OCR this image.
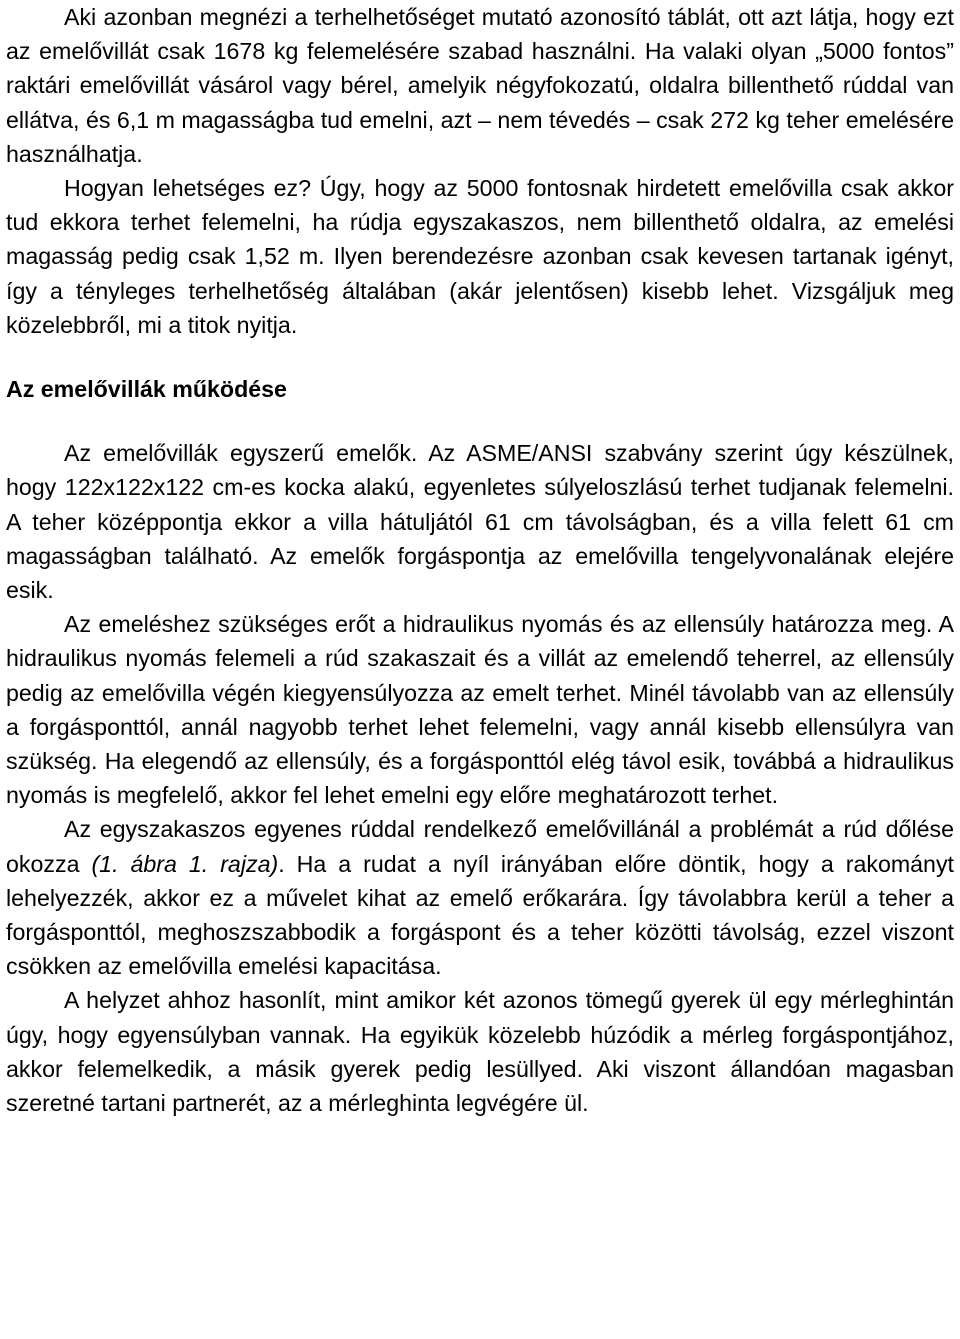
Aki azonban megnézi a terhelhetőséget mutató azonosító táblát, ott azt látja, hogy ezt az emelővillát csak 1678 kg felemelésére szabad használni. Ha valaki olyan „5000 fontos” raktári emelővillát vásárol vagy bérel, amelyik négyfokozatú, oldalra billenthető rúddal van ellátva, és 6,1 m magasságba tud emelni, azt – nem tévedés – csak 272 kg teher emelésére használhatja.

Hogyan lehetséges ez? Úgy, hogy az 5000 fontosnak hirdetett emelővilla csak akkor tud ekkora terhet felemelni, ha rúdja egyszakaszos, nem billenthető oldalra, az emelési magasság pedig csak 1,52 m. Ilyen berendezésre azonban csak kevesen tartanak igényt, így a tényleges terhelhetőség általában (akár jelentősen) kisebb lehet. Vizsgáljuk meg közelebbről, mi a titok nyitja.

Az emelővillák működése

Az emelővillák egyszerű emelők. Az ASME/ANSI szabvány szerint úgy készülnek, hogy 122x122x122 cm-es kocka alakú, egyenletes súlyeloszlású terhet tudjanak felemelni. A teher középpontja ekkor a villa hátuljától 61 cm távolságban, és a villa felett 61 cm magasságban található. Az emelők forgáspontja az emelővilla tengelyvonalának elejére esik.

Az emeléshez szükséges erőt a hidraulikus nyomás és az ellensúly határozza meg. A hidraulikus nyomás felemeli a rúd szakaszait és a villát az emelendő teherrel, az ellensúly pedig az emelővilla végén kiegyensúlyozza az emelt terhet. Minél távolabb van az ellensúly a forgásponttól, annál nagyobb terhet lehet felemelni, vagy annál kisebb ellensúlyra van szükség. Ha elegendő az ellensúly, és a forgásponttól elég távol esik, továbbá a hidraulikus nyomás is megfelelő, akkor fel lehet emelni egy előre meghatározott terhet.

Az egyszakaszos egyenes rúddal rendelkező emelővillánál a problémát a rúd dőlése okozza (1. ábra 1. rajza). Ha a rudat a nyíl irányában előre döntik, hogy a rakományt lehelyezzék, akkor ez a művelet kihat az emelő erőkarára. Így távolabbra kerül a teher a forgásponttól, meghoszszabbodik a forgáspont és a teher közötti távolság, ezzel viszont csökken az emelővilla emelési kapacitása.

A helyzet ahhoz hasonlít, mint amikor két azonos tömegű gyerek ül egy mérleghintán úgy, hogy egyensúlyban vannak. Ha egyikük közelebb húzódik a mérleg forgáspontjához, akkor felemelkedik, a másik gyerek pedig lesüllyed. Aki viszont állandóan magasban szeretné tartani partnerét, az a mérleghinta legvégére ül.
